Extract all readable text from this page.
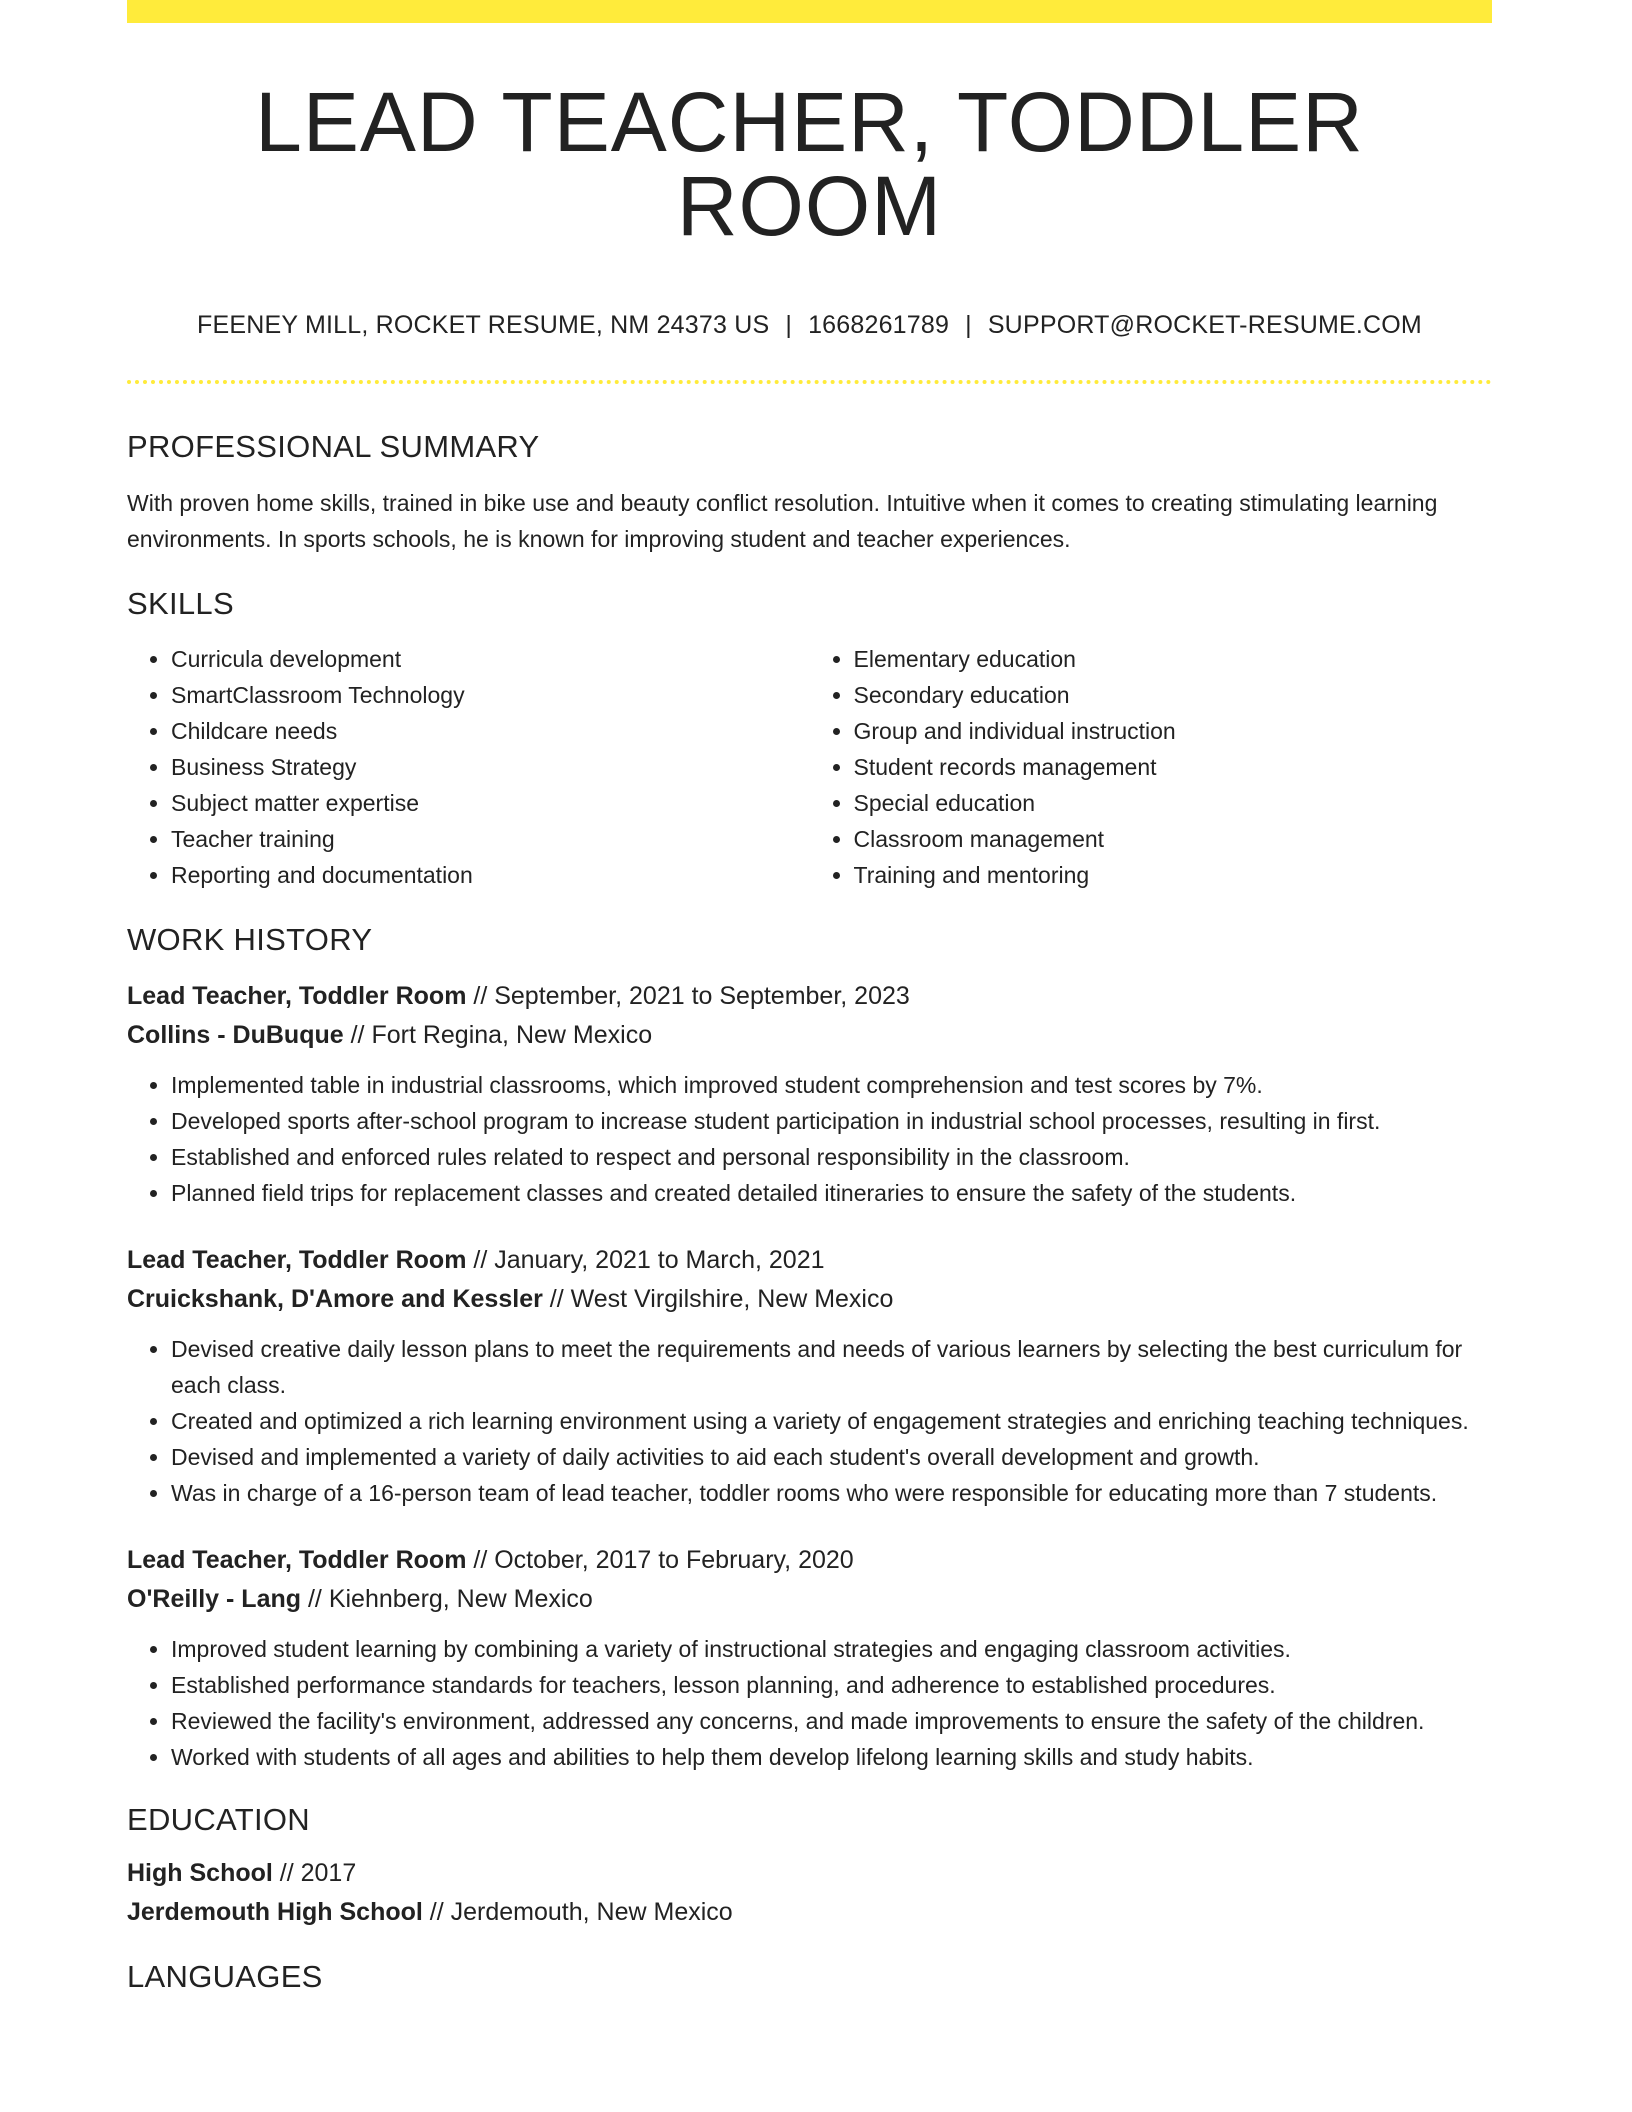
LEAD TEACHER, TODDLER ROOM
FEENEY MILL, ROCKET RESUME, NM 24373 US | 1668261789 | SUPPORT@ROCKET-RESUME.COM
PROFESSIONAL SUMMARY

With proven home skills, trained in bike use and beauty conflict resolution. Intuitive when it comes to creating stimulating learning environments. In sports schools, he is known for improving student and teacher experiences.

SKILLS
• Curricula development
• SmartClassroom Technology
• Childcare needs
• Business Strategy
• Subject matter expertise
• Teacher training
• Reporting and documentation
• Elementary education
• Secondary education
• Group and individual instruction
• Student records management
• Special education
• Classroom management
• Training and mentoring
WORK HISTORY
Lead Teacher, Toddler Room // September, 2021 to September, 2023
Collins - DuBuque // Fort Regina, New Mexico
• Implemented table in industrial classrooms, which improved student comprehension and test scores by 7%.
• Developed sports after-school program to increase student participation in industrial school processes, resulting in first.
• Established and enforced rules related to respect and personal responsibility in the classroom.
• Planned field trips for replacement classes and created detailed itineraries to ensure the safety of the students.
Lead Teacher, Toddler Room // January, 2021 to March, 2021
Cruickshank, D'Amore and Kessler // West Virgilshire, New Mexico
• Devised creative daily lesson plans to meet the requirements and needs of various learners by selecting the best curriculum for each class.
• Created and optimized a rich learning environment using a variety of engagement strategies and enriching teaching techniques.
• Devised and implemented a variety of daily activities to aid each student's overall development and growth.
• Was in charge of a 16-person team of lead teacher, toddler rooms who were responsible for educating more than 7 students.
Lead Teacher, Toddler Room // October, 2017 to February, 2020
O'Reilly - Lang // Kiehnberg, New Mexico
• Improved student learning by combining a variety of instructional strategies and engaging classroom activities.
• Established performance standards for teachers, lesson planning, and adherence to established procedures.
• Reviewed the facility's environment, addressed any concerns, and made improvements to ensure the safety of the children.
• Worked with students of all ages and abilities to help them develop lifelong learning skills and study habits.
EDUCATION
High School // 2017
Jerdemouth High School // Jerdemouth, New Mexico
LANGUAGES
